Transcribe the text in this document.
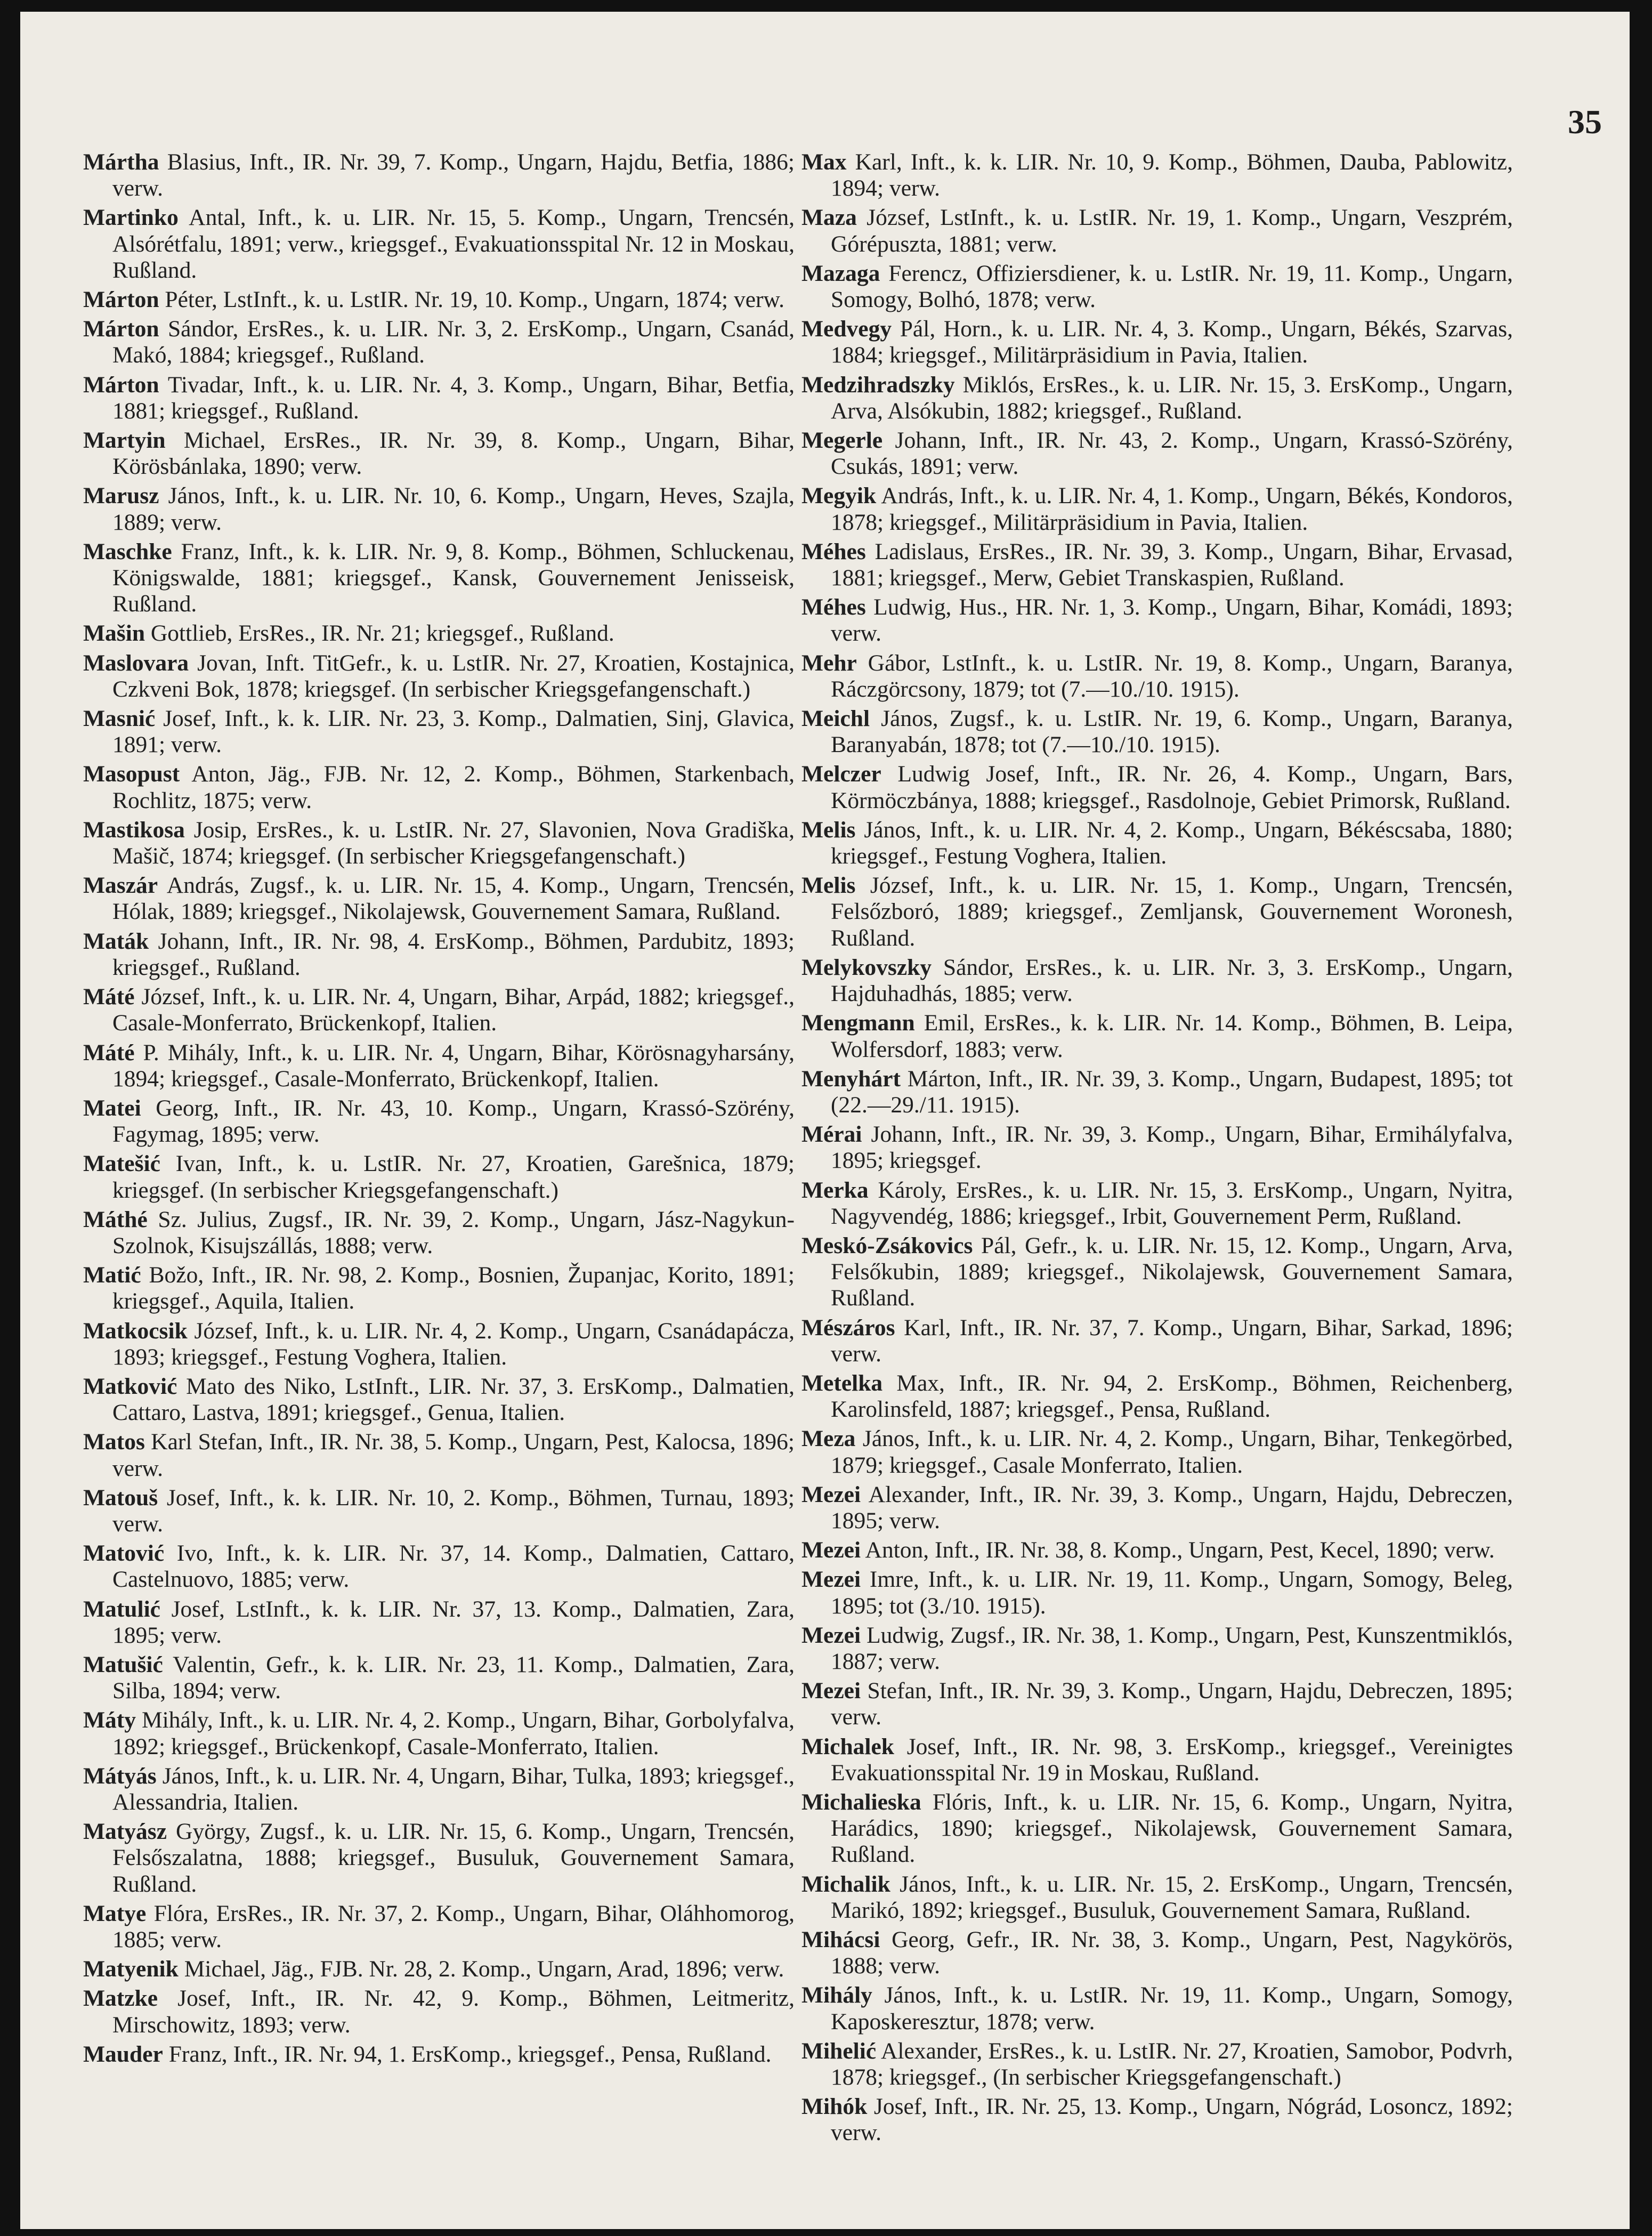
35

Mártha Blasius, Inft., IR. Nr. 39, 7. Komp., Ungarn, Hajdu, Betfia, 1886; verw.

Martinko Antal, Inft., k. u. LIR. Nr. 15, 5. Komp., Ungarn, Trencsén, Alsórétfalu, 1891; verw., kriegsgef., Evakuationsspital Nr. 12 in Moskau, Rußland.

Márton Péter, LstInft., k. u. LstIR. Nr. 19, 10. Komp., Ungarn, 1874; verw.

Márton Sándor, ErsRes., k. u. LIR. Nr. 3, 2. ErsKomp., Ungarn, Csanád, Makó, 1884; kriegsgef., Rußland.

Márton Tivadar, Inft., k. u. LIR. Nr. 4, 3. Komp., Ungarn, Bihar, Betfia, 1881; kriegsgef., Rußland.

Martyin Michael, ErsRes., IR. Nr. 39, 8. Komp., Ungarn, Bihar, Körösbánlaka, 1890; verw.

Marusz János, Inft., k. u. LIR. Nr. 10, 6. Komp., Ungarn, Heves, Szajla, 1889; verw.

Maschke Franz, Inft., k. k. LIR. Nr. 9, 8. Komp., Böhmen, Schluckenau, Königswalde, 1881; kriegsgef., Kansk, Gouvernement Jenisseisk, Rußland.

Mašin Gottlieb, ErsRes., IR. Nr. 21; kriegsgef., Rußland.

Maslovara Jovan, Inft. TitGefr., k. u. LstIR. Nr. 27, Kroatien, Kostajnica, Czkveni Bok, 1878; kriegsgef. (In serbischer Kriegsgefangenschaft.)

Masnić Josef, Inft., k. k. LIR. Nr. 23, 3. Komp., Dalmatien, Sinj, Glavica, 1891; verw.

Masopust Anton, Jäg., FJB. Nr. 12, 2. Komp., Böhmen, Starkenbach, Rochlitz, 1875; verw.

Mastikosa Josip, ErsRes., k. u. LstIR. Nr. 27, Slavonien, Nova Gradiška, Mašič, 1874; kriegsgef. (In serbischer Kriegsgefangenschaft.)

Maszár András, Zugsf., k. u. LIR. Nr. 15, 4. Komp., Ungarn, Trencsén, Hólak, 1889; kriegsgef., Nikolajewsk, Gouvernement Samara, Rußland.

Maták Johann, Inft., IR. Nr. 98, 4. ErsKomp., Böhmen, Pardubitz, 1893; kriegsgef., Rußland.

Máté József, Inft., k. u. LIR. Nr. 4, Ungarn, Bihar, Arpád, 1882; kriegsgef., Casale-Monferrato, Brückenkopf, Italien.

Máté P. Mihály, Inft., k. u. LIR. Nr. 4, Ungarn, Bihar, Körösnagyharsány, 1894; kriegsgef., Casale-Monferrato, Brückenkopf, Italien.

Matei Georg, Inft., IR. Nr. 43, 10. Komp., Ungarn, Krassó-Szörény, Fagymag, 1895; verw.

Matešić Ivan, Inft., k. u. LstIR. Nr. 27, Kroatien, Garešnica, 1879; kriegsgef. (In serbischer Kriegsgefangenschaft.)

Máthé Sz. Julius, Zugsf., IR. Nr. 39, 2. Komp., Ungarn, Jász-Nagykun-Szolnok, Kisujszállás, 1888; verw.

Matić Božo, Inft., IR. Nr. 98, 2. Komp., Bosnien, Županjac, Korito, 1891; kriegsgef., Aquila, Italien.

Matkocsik József, Inft., k. u. LIR. Nr. 4, 2. Komp., Ungarn, Csanádapácza, 1893; kriegsgef., Festung Voghera, Italien.

Matković Mato des Niko, LstInft., LIR. Nr. 37, 3. ErsKomp., Dalmatien, Cattaro, Lastva, 1891; kriegsgef., Genua, Italien.

Matos Karl Stefan, Inft., IR. Nr. 38, 5. Komp., Ungarn, Pest, Kalocsa, 1896; verw.

Matouš Josef, Inft., k. k. LIR. Nr. 10, 2. Komp., Böhmen, Turnau, 1893; verw.

Matović Ivo, Inft., k. k. LIR. Nr. 37, 14. Komp., Dalmatien, Cattaro, Castelnuovo, 1885; verw.

Matulić Josef, LstInft., k. k. LIR. Nr. 37, 13. Komp., Dalmatien, Zara, 1895; verw.

Matušić Valentin, Gefr., k. k. LIR. Nr. 23, 11. Komp., Dalmatien, Zara, Silba, 1894; verw.

Máty Mihály, Inft., k. u. LIR. Nr. 4, 2. Komp., Ungarn, Bihar, Gorbolyfalva, 1892; kriegsgef., Brückenkopf, Casale-Monferrato, Italien.

Mátyás János, Inft., k. u. LIR. Nr. 4, Ungarn, Bihar, Tulka, 1893; kriegsgef., Alessandria, Italien.

Matyász György, Zugsf., k. u. LIR. Nr. 15, 6. Komp., Ungarn, Trencsén, Felsőszalatna, 1888; kriegsgef., Busuluk, Gouvernement Samara, Rußland.

Matye Flóra, ErsRes., IR. Nr. 37, 2. Komp., Ungarn, Bihar, Oláhhomorog, 1885; verw.

Matyenik Michael, Jäg., FJB. Nr. 28, 2. Komp., Ungarn, Arad, 1896; verw.

Matzke Josef, Inft., IR. Nr. 42, 9. Komp., Böhmen, Leitmeritz, Mirschowitz, 1893; verw.

Mauder Franz, Inft., IR. Nr. 94, 1. ErsKomp., kriegsgef., Pensa, Rußland.

Max Karl, Inft., k. k. LIR. Nr. 10, 9. Komp., Böhmen, Dauba, Pablowitz, 1894; verw.

Maza József, LstInft., k. u. LstIR. Nr. 19, 1. Komp., Ungarn, Veszprém, Górépuszta, 1881; verw.

Mazaga Ferencz, Offiziersdiener, k. u. LstIR. Nr. 19, 11. Komp., Ungarn, Somogy, Bolhó, 1878; verw.

Medvegy Pál, Horn., k. u. LIR. Nr. 4, 3. Komp., Ungarn, Békés, Szarvas, 1884; kriegsgef., Militärpräsidium in Pavia, Italien.

Medzihradszky Miklós, ErsRes., k. u. LIR. Nr. 15, 3. ErsKomp., Ungarn, Arva, Alsókubin, 1882; kriegsgef., Rußland.

Megerle Johann, Inft., IR. Nr. 43, 2. Komp., Ungarn, Krassó-Szörény, Csukás, 1891; verw.

Megyik András, Inft., k. u. LIR. Nr. 4, 1. Komp., Ungarn, Békés, Kondoros, 1878; kriegsgef., Militärpräsidium in Pavia, Italien.

Méhes Ladislaus, ErsRes., IR. Nr. 39, 3. Komp., Ungarn, Bihar, Ervasad, 1881; kriegsgef., Merw, Gebiet Transkaspien, Rußland.

Méhes Ludwig, Hus., HR. Nr. 1, 3. Komp., Ungarn, Bihar, Komádi, 1893; verw.

Mehr Gábor, LstInft., k. u. LstIR. Nr. 19, 8. Komp., Ungarn, Baranya, Ráczgörcsony, 1879; tot (7.—10./10. 1915).

Meichl János, Zugsf., k. u. LstIR. Nr. 19, 6. Komp., Ungarn, Baranya, Baranyabán, 1878; tot (7.—10./10. 1915).

Melczer Ludwig Josef, Inft., IR. Nr. 26, 4. Komp., Ungarn, Bars, Körmöczbánya, 1888; kriegsgef., Rasdolnoje, Gebiet Primorsk, Rußland.

Melis János, Inft., k. u. LIR. Nr. 4, 2. Komp., Ungarn, Békéscsaba, 1880; kriegsgef., Festung Voghera, Italien.

Melis József, Inft., k. u. LIR. Nr. 15, 1. Komp., Ungarn, Trencsén, Felsőzboró, 1889; kriegsgef., Zemljansk, Gouvernement Woronesh, Rußland.

Melykovszky Sándor, ErsRes., k. u. LIR. Nr. 3, 3. ErsKomp., Ungarn, Hajduhadhás, 1885; verw.

Mengmann Emil, ErsRes., k. k. LIR. Nr. 14. Komp., Böhmen, B. Leipa, Wolfersdorf, 1883; verw.

Menyhárt Márton, Inft., IR. Nr. 39, 3. Komp., Ungarn, Budapest, 1895; tot (22.—29./11. 1915).

Mérai Johann, Inft., IR. Nr. 39, 3. Komp., Ungarn, Bihar, Ermihályfalva, 1895; kriegsgef.

Merka Károly, ErsRes., k. u. LIR. Nr. 15, 3. ErsKomp., Ungarn, Nyitra, Nagyvendég, 1886; kriegsgef., Irbit, Gouvernement Perm, Rußland.

Meskó-Zsákovics Pál, Gefr., k. u. LIR. Nr. 15, 12. Komp., Ungarn, Arva, Felsőkubin, 1889; kriegsgef., Nikolajewsk, Gouvernement Samara, Rußland.

Mészáros Karl, Inft., IR. Nr. 37, 7. Komp., Ungarn, Bihar, Sarkad, 1896; verw.

Metelka Max, Inft., IR. Nr. 94, 2. ErsKomp., Böhmen, Reichenberg, Karolinsfeld, 1887; kriegsgef., Pensa, Rußland.

Meza János, Inft., k. u. LIR. Nr. 4, 2. Komp., Ungarn, Bihar, Tenkegörbed, 1879; kriegsgef., Casale Monferrato, Italien.

Mezei Alexander, Inft., IR. Nr. 39, 3. Komp., Ungarn, Hajdu, Debreczen, 1895; verw.

Mezei Anton, Inft., IR. Nr. 38, 8. Komp., Ungarn, Pest, Kecel, 1890; verw.

Mezei Imre, Inft., k. u. LIR. Nr. 19, 11. Komp., Ungarn, Somogy, Beleg, 1895; tot (3./10. 1915).

Mezei Ludwig, Zugsf., IR. Nr. 38, 1. Komp., Ungarn, Pest, Kunszentmiklós, 1887; verw.

Mezei Stefan, Inft., IR. Nr. 39, 3. Komp., Ungarn, Hajdu, Debreczen, 1895; verw.

Michalek Josef, Inft., IR. Nr. 98, 3. ErsKomp., kriegsgef., Vereinigtes Evakuationsspital Nr. 19 in Moskau, Rußland.

Michalieska Flóris, Inft., k. u. LIR. Nr. 15, 6. Komp., Ungarn, Nyitra, Harádics, 1890; kriegsgef., Nikolajewsk, Gouvernement Samara, Rußland.

Michalik János, Inft., k. u. LIR. Nr. 15, 2. ErsKomp., Ungarn, Trencsén, Marikó, 1892; kriegsgef., Busuluk, Gouvernement Samara, Rußland.

Mihácsi Georg, Gefr., IR. Nr. 38, 3. Komp., Ungarn, Pest, Nagykörös, 1888; verw.

Mihály János, Inft., k. u. LstIR. Nr. 19, 11. Komp., Ungarn, Somogy, Kaposkeresztur, 1878; verw.

Mihelić Alexander, ErsRes., k. u. LstIR. Nr. 27, Kroatien, Samobor, Podvrh, 1878; kriegsgef., (In serbischer Kriegsgefangenschaft.)

Mihók Josef, Inft., IR. Nr. 25, 13. Komp., Ungarn, Nógrád, Losoncz, 1892; verw.
